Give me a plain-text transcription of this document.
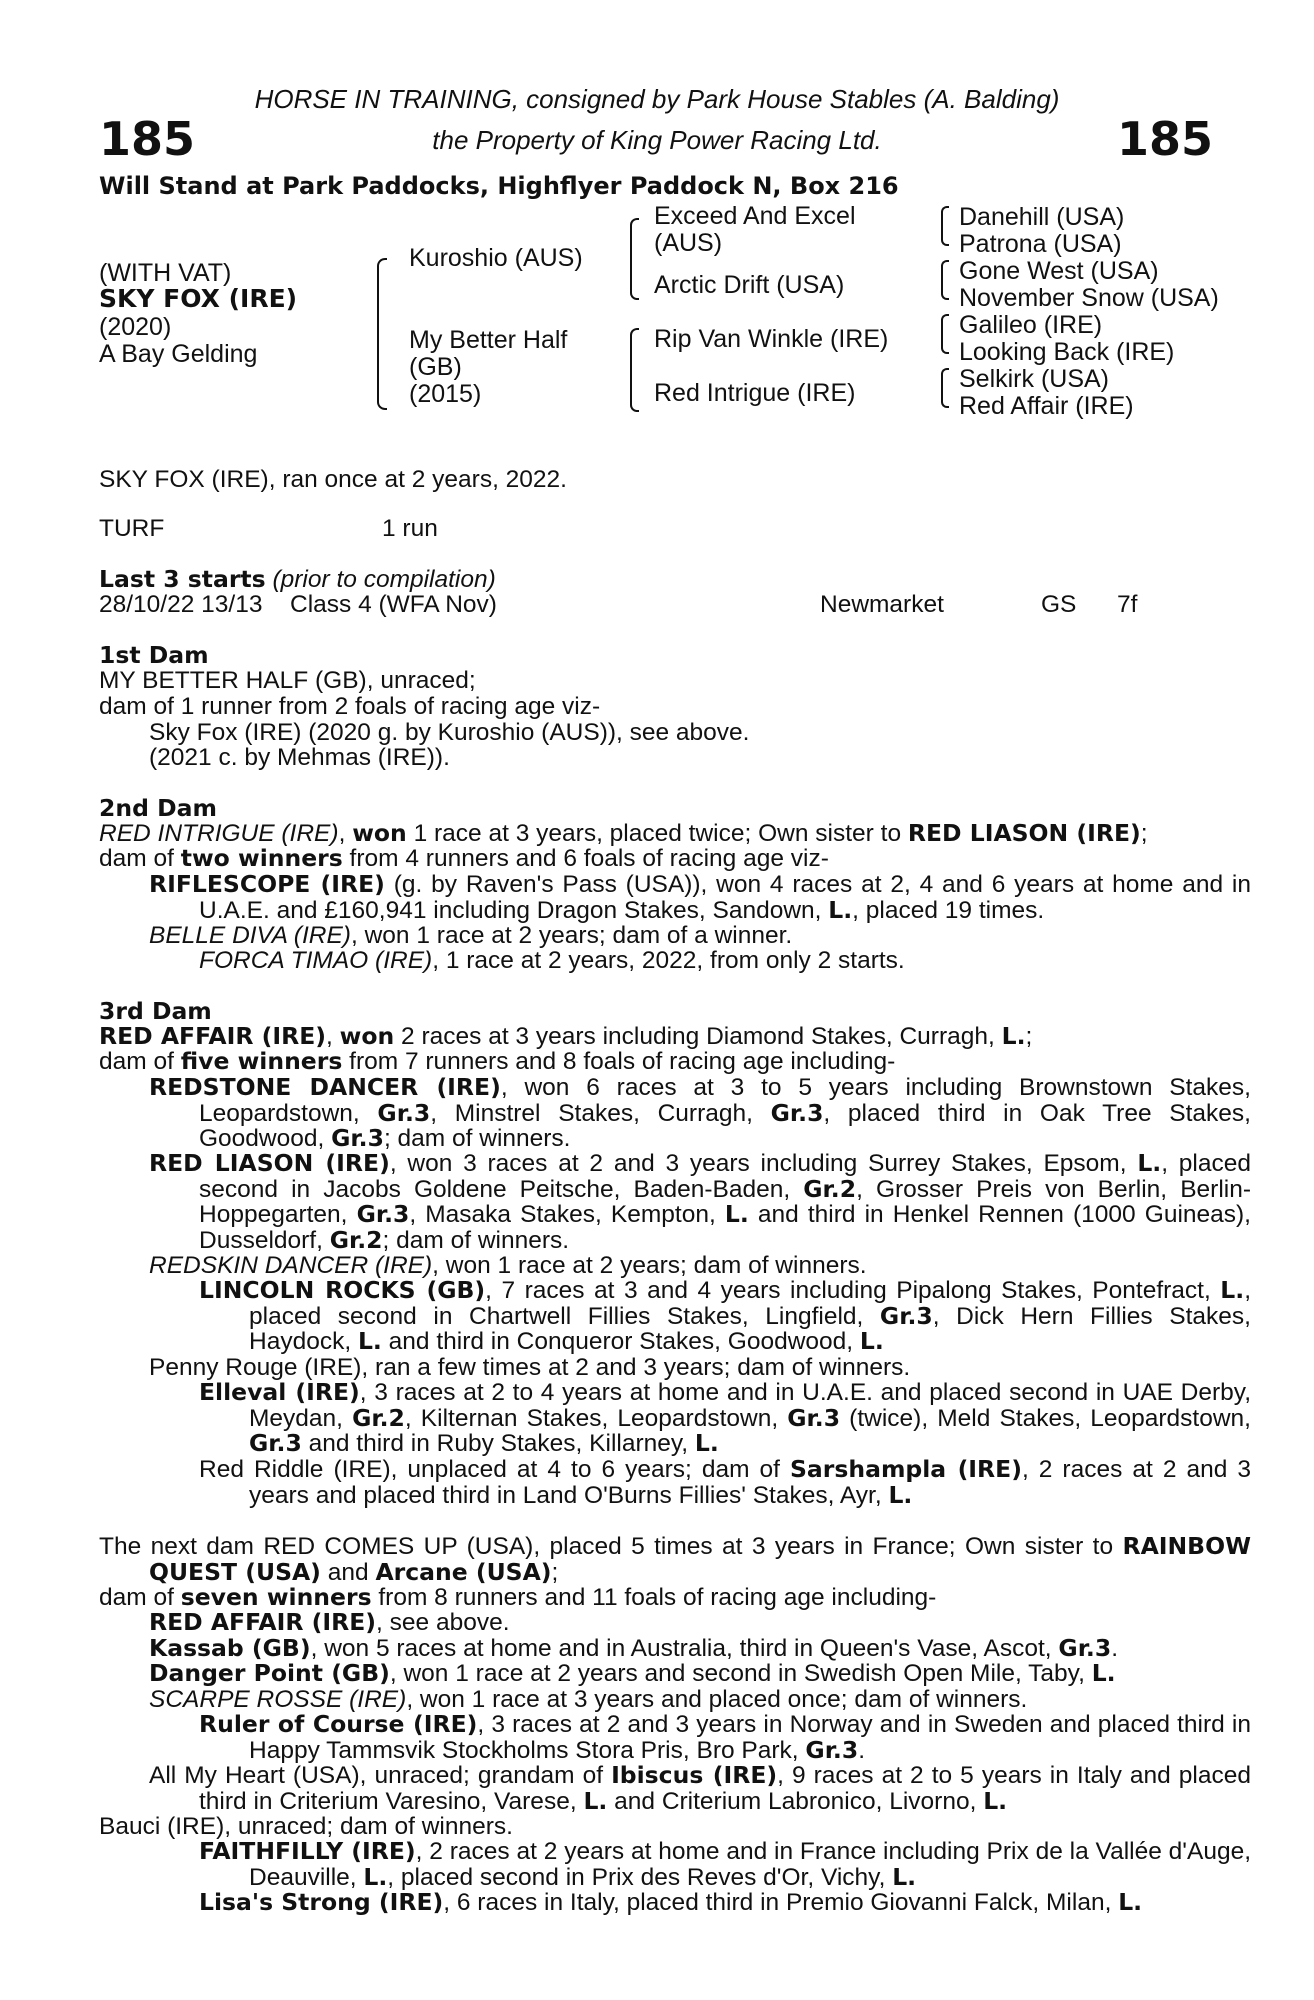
185	185
HORSE IN TRAINING, consigned by Park House Stables (A. Balding)
the Property of King Power Racing Ltd.
Will Stand at Park Paddocks, Highflyer Paddock N, Box 216
(WITH VAT)
SKY FOX (IRE)
(2020)
A Bay Gelding
Kuroshio (AUS)
My Better Half
(GB)
(2015)
Exceed And Excel
(AUS)
Arctic Drift (USA)
Rip Van Winkle (IRE)
Red Intrigue (IRE)
Danehill (USA)
Patrona (USA)
Gone West (USA)
November Snow (USA)
Galileo (IRE)
Looking Back (IRE)
Selkirk (USA)
Red Affair (IRE)
SKY FOX (IRE), ran once at 2 years, 2022.
TURF	1 run
Last 3 starts (prior to compilation)
28/10/22 13/13 Class 4 (WFA Nov)	Newmarket	GS 7f
1st Dam
MY BETTER HALF (GB), unraced;
dam of 1 runner from 2 foals of racing age viz-
Sky Fox (IRE) (2020 g. by Kuroshio (AUS)), see above.
(2021 c. by Mehmas (IRE)).
2nd Dam
RED INTRIGUE (IRE), won 1 race at 3 years, placed twice; Own sister to RED LIASON (IRE);
dam of two winners from 4 runners and 6 foals of racing age viz-
RIFLESCOPE (IRE) (g. by Raven's Pass (USA)), won 4 races at 2, 4 and 6 years at home and in U.A.E. and £160,941 including Dragon Stakes, Sandown, L., placed 19 times.
BELLE DIVA (IRE), won 1 race at 2 years; dam of a winner.
FORCA TIMAO (IRE), 1 race at 2 years, 2022, from only 2 starts.
3rd Dam
RED AFFAIR (IRE), won 2 races at 3 years including Diamond Stakes, Curragh, L.;
dam of five winners from 7 runners and 8 foals of racing age including-
REDSTONE DANCER (IRE), won 6 races at 3 to 5 years including Brownstown Stakes, Leopardstown, Gr.3, Minstrel Stakes, Curragh, Gr.3, placed third in Oak Tree Stakes, Goodwood, Gr.3; dam of winners.
RED LIASON (IRE), won 3 races at 2 and 3 years including Surrey Stakes, Epsom, L., placed second in Jacobs Goldene Peitsche, Baden-Baden, Gr.2, Grosser Preis von Berlin, Berlin-Hoppegarten, Gr.3, Masaka Stakes, Kempton, L. and third in Henkel Rennen (1000 Guineas), Dusseldorf, Gr.2; dam of winners.
REDSKIN DANCER (IRE), won 1 race at 2 years; dam of winners.
LINCOLN ROCKS (GB), 7 races at 3 and 4 years including Pipalong Stakes, Pontefract, L., placed second in Chartwell Fillies Stakes, Lingfield, Gr.3, Dick Hern Fillies Stakes, Haydock, L. and third in Conqueror Stakes, Goodwood, L.
Penny Rouge (IRE), ran a few times at 2 and 3 years; dam of winners.
Elleval (IRE), 3 races at 2 to 4 years at home and in U.A.E. and placed second in UAE Derby, Meydan, Gr.2, Kilternan Stakes, Leopardstown, Gr.3 (twice), Meld Stakes, Leopardstown, Gr.3 and third in Ruby Stakes, Killarney, L.
Red Riddle (IRE), unplaced at 4 to 6 years; dam of Sarshampla (IRE), 2 races at 2 and 3 years and placed third in Land O'Burns Fillies' Stakes, Ayr, L.
The next dam RED COMES UP (USA), placed 5 times at 3 years in France; Own sister to RAINBOW QUEST (USA) and Arcane (USA);
dam of seven winners from 8 runners and 11 foals of racing age including-
RED AFFAIR (IRE), see above.
Kassab (GB), won 5 races at home and in Australia, third in Queen's Vase, Ascot, Gr.3.
Danger Point (GB), won 1 race at 2 years and second in Swedish Open Mile, Taby, L.
SCARPE ROSSE (IRE), won 1 race at 3 years and placed once; dam of winners.
Ruler of Course (IRE), 3 races at 2 and 3 years in Norway and in Sweden and placed third in Happy Tammsvik Stockholms Stora Pris, Bro Park, Gr.3.
All My Heart (USA), unraced; grandam of Ibiscus (IRE), 9 races at 2 to 5 years in Italy and placed third in Criterium Varesino, Varese, L. and Criterium Labronico, Livorno, L.
Bauci (IRE), unraced; dam of winners.
FAITHFILLY (IRE), 2 races at 2 years at home and in France including Prix de la Vallée d'Auge, Deauville, L., placed second in Prix des Reves d'Or, Vichy, L.
Lisa's Strong (IRE), 6 races in Italy, placed third in Premio Giovanni Falck, Milan, L.
